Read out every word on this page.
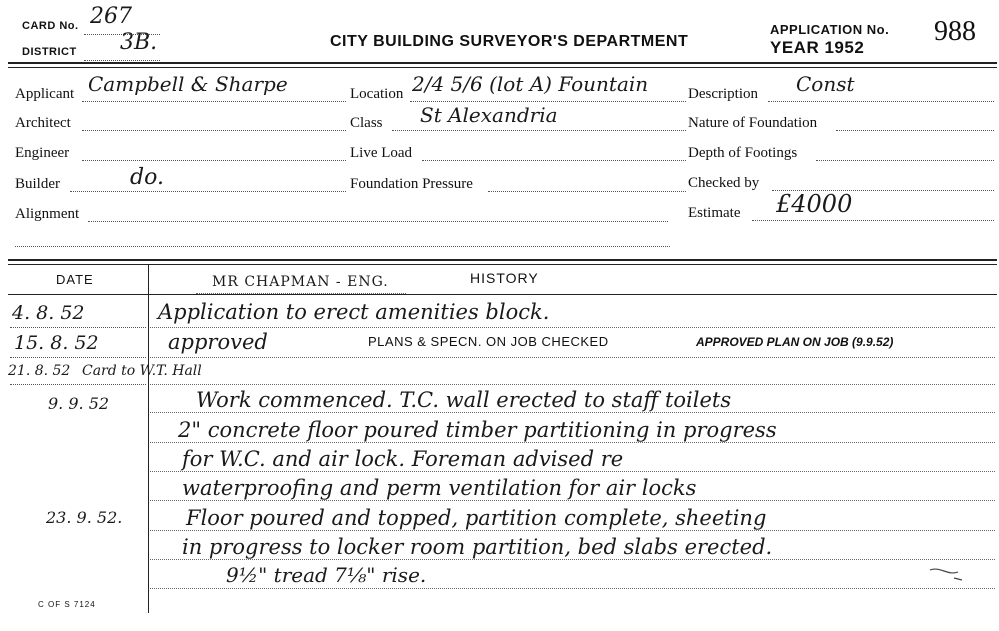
CARD No. 267
DISTRICT 3B.	CITY BUILDING SURVEYOR'S DEPARTMENT
APPLICATION No. 988
YEAR 1952
Applicant Campbell & Sharpe
Architect
Engineer
Builder	do.
Alignment
Location 2/4 5/6 (lot A) Fountain
Class St Alexandria
Live Load
Foundation Pressure
Description Const
Nature of Foundation
Depth of Footings
Checked by
Estimate £4000
DATE	HISTORY
MR CHAPMAN - ENG.
4. 8. 52	Application to erect amenities block.
15. 8. 52	approved	PLANS & SPECN. ON JOB CHECKED	APPROVED PLAN ON JOB (9.9.52)
21. 8. 52 Card to W.T. Hall
9. 9. 52	Work commenced. T.C. wall erected to staff toilets
2" concrete floor poured timber partitioning in progress
for W.C. and air lock. Foreman advised re
waterproofing and perm ventilation for air locks
23. 9. 52.	Floor poured and topped, partition complete, sheeting
in progress to locker room partition, bed slabs erected.
9½" tread 7⅛" rise.
C OF S 7124
